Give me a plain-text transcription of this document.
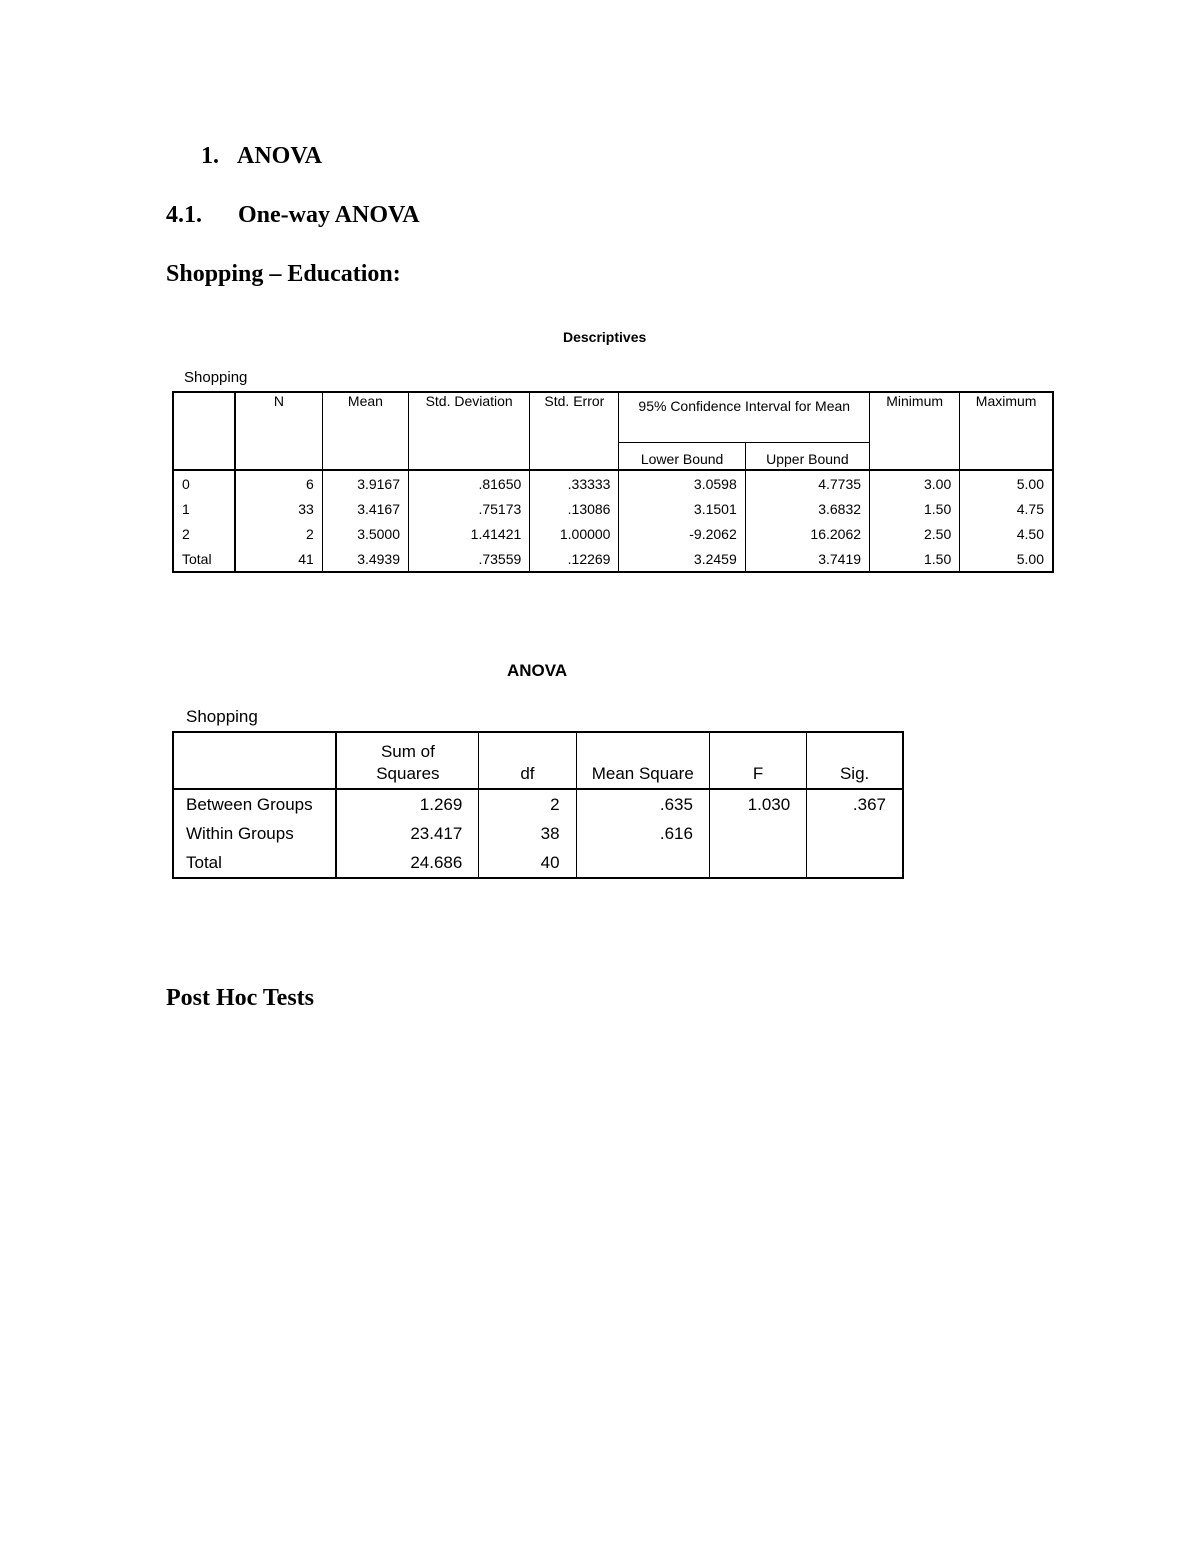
1. ANOVA
4.1. One-way ANOVA
Shopping – Education:
Descriptives
Shopping
	N	Mean	Std. Deviation	Std. Error	95% Confidence Interval for Mean		Minimum	Maximum
					Lower Bound	Upper Bound		
0	6	3.9167	.81650	.33333	3.0598	4.7735	3.00	5.00
1	33	3.4167	.75173	.13086	3.1501	3.6832	1.50	4.75
2	2	3.5000	1.41421	1.00000	-9.2062	16.2062	2.50	4.50
Total	41	3.4939	.73559	.12269	3.2459	3.7419	1.50	5.00
ANOVA
Shopping
	Sum of Squares	df	Mean Square	F	Sig.
Between Groups	1.269	2	.635	1.030	.367
Within Groups	23.417	38	.616		
Total	24.686	40			
Post Hoc Tests
